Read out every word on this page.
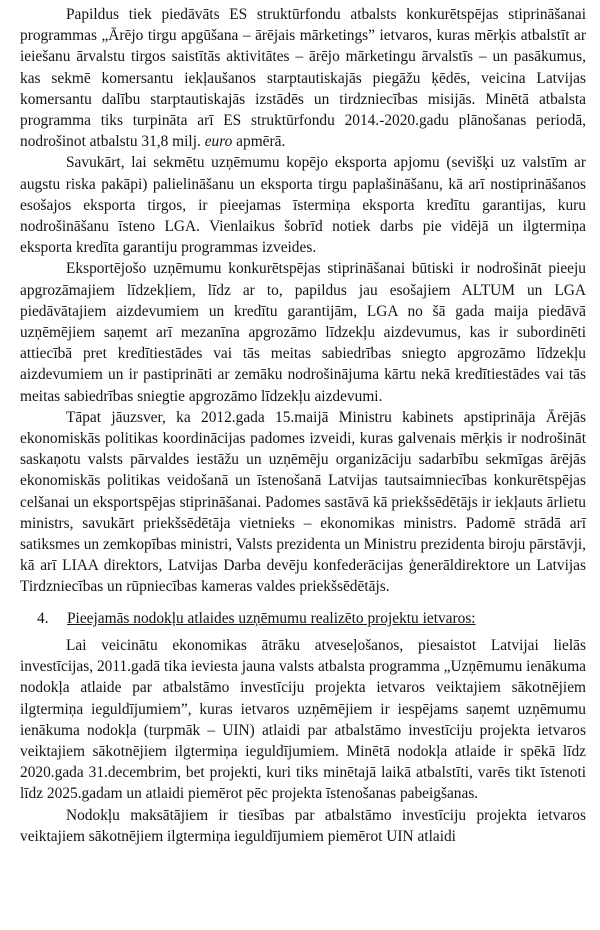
Papildus tiek piedāvāts ES struktūrfondu atbalsts konkurētspējas stiprināšanai programmas „Ārējo tirgu apgūšana – ārējais mārketings” ietvaros, kuras mērķis atbalstīt ar ieiešanu ārvalstu tirgos saistītās aktivitātes – ārējo mārketingu ārvalstīs – un pasākumus, kas sekmē komersantu iekļaušanos starptautiskajās piegāžu ķēdēs, veicina Latvijas komersantu dalību starptautiskajās izstādēs un tirdzniecības misijās. Minētā atbalsta programma tiks turpināta arī ES struktūrfondu 2014.-2020.gadu plānošanas periodā, nodrošinot atbalstu 31,8 milj. euro apmērā.

Savukārt, lai sekmētu uzņēmumu kopējo eksporta apjomu (sevišķi uz valstīm ar augstu riska pakāpi) palielināšanu un eksporta tirgu paplašināšanu, kā arī nostiprināšanos esošajos eksporta tirgos, ir pieejamas īstermiņa eksporta kredītu garantijas, kuru nodrošināšanu īsteno LGA. Vienlaikus šobrīd notiek darbs pie vidējā un ilgtermiņa eksporta kredīta garantiju programmas izveides.

Eksportējošo uzņēmumu konkurētspējas stiprināšanai būtiski ir nodrošināt pieeju apgrozāmajiem līdzekļiem, līdz ar to, papildus jau esošajiem ALTUM un LGA piedāvātajiem aizdevumiem un kredītu garantijām, LGA no šā gada maija piedāvā uzņēmējiem saņemt arī mezanīna apgrozāmo līdzekļu aizdevumus, kas ir subordinēti attiecībā pret kredītiestādes vai tās meitas sabiedrības sniegto apgrozāmo līdzekļu aizdevumiem un ir pastiprināti ar zemāku nodrošinājuma kārtu nekā kredītiestādes vai tās meitas sabiedrības sniegtie apgrozāmo līdzekļu aizdevumi.

Tāpat jāuzsver, ka 2012.gada 15.maijā Ministru kabinets apstiprināja Ārējās ekonomiskās politikas koordinācijas padomes izveidi, kuras galvenais mērķis ir nodrošināt saskaņotu valsts pārvaldes iestāžu un uzņēmēju organizāciju sadarbību sekmīgas ārējās ekonomiskās politikas veidošanā un īstenošanā Latvijas tautsaimniecības konkurētspējas celšanai un eksportspējas stiprināšanai. Padomes sastāvā kā priekšsēdētājs ir iekļauts ārlietu ministrs, savukārt priekšsēdētāja vietnieks – ekonomikas ministrs. Padomē strādā arī satiksmes un zemkopības ministri, Valsts prezidenta un Ministru prezidenta biroju pārstāvji, kā arī LIAA direktors, Latvijas Darba devēju konfederācijas ģenerāldirektore un Latvijas Tirdzniecības un rūpniecības kameras valdes priekšsēdētājs.

4.	Pieejamās nodokļu atlaides uzņēmumu realizēto projektu ietvaros:

Lai veicinātu ekonomikas ātrāku atveseļošanos, piesaistot Latvijai lielās investīcijas, 2011.gadā tika ieviesta jauna valsts atbalsta programma „Uzņēmumu ienākuma nodokļa atlaide par atbalstāmo investīciju projekta ietvaros veiktajiem sākotnējiem ilgtermiņa ieguldījumiem”, kuras ietvaros uzņēmējiem ir iespējams saņemt uzņēmumu ienākuma nodokļa (turpmāk – UIN) atlaidi par atbalstāmo investīciju projekta ietvaros veiktajiem sākotnējiem ilgtermiņa ieguldījumiem. Minētā nodokļa atlaide ir spēkā līdz 2020.gada 31.decembrim, bet projekti, kuri tiks minētajā laikā atbalstīti, varēs tikt īstenoti līdz 2025.gadam un atlaidi piemērot pēc projekta īstenošanas pabeigšanas.

Nodokļu maksātājiem ir tiesības par atbalstāmo investīciju projekta ietvaros veiktajiem sākotnējiem ilgtermiņa ieguldījumiem piemērot UIN atlaidi
